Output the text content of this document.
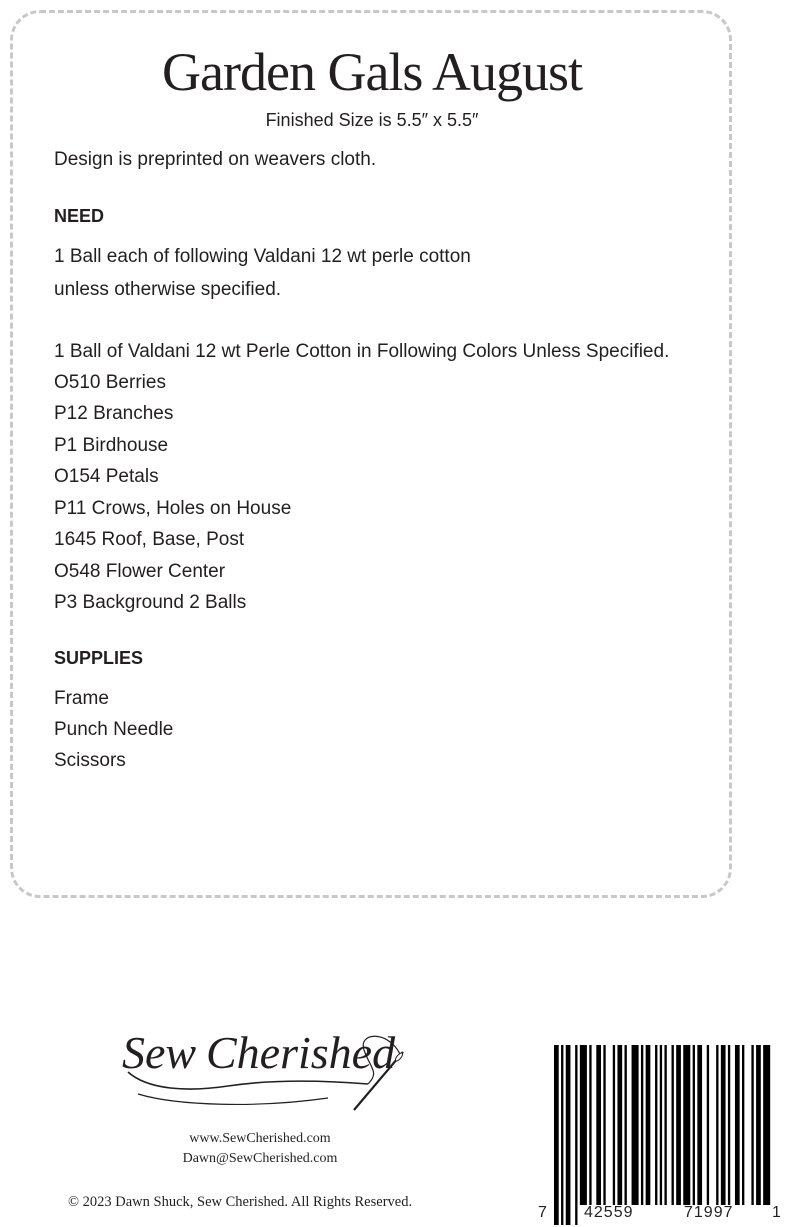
Garden Gals August
Finished Size is 5.5″ x 5.5″
Design is preprinted on weavers cloth.
NEED
1 Ball each of following Valdani 12 wt perle cotton
unless otherwise specified.
1 Ball of Valdani 12 wt Perle Cotton in Following Colors Unless Specified.
O510 Berries
P12 Branches
P1 Birdhouse
O154 Petals
P11 Crows, Holes on House
1645 Roof, Base, Post
O548 Flower Center
P3 Background 2 Balls
SUPPLIES
Frame
Punch Needle
Scissors
Sew Cherished
www.SewCherished.com
Dawn@SewCherished.com
© 2023 Dawn Shuck, Sew Cherished. All Rights Reserved.
7 42559	71997 1
